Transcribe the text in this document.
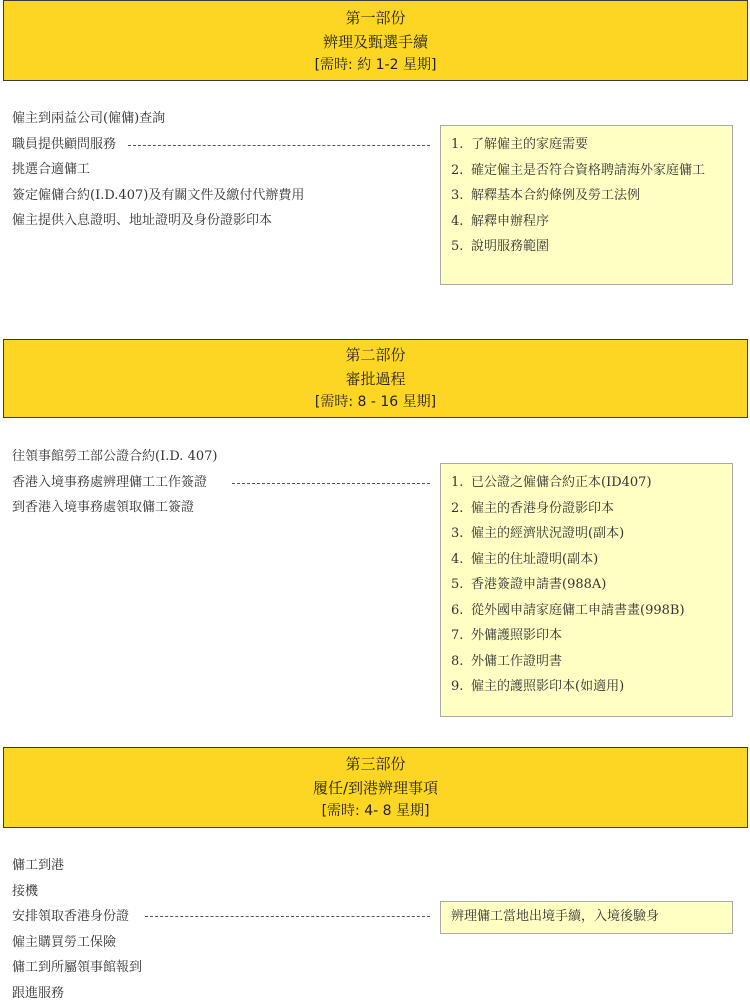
第一部份
辨理及甄選手續
[需時: 約 1-2 星期]
僱主到兩益公司(僱傭)查詢
職員提供顧問服務
挑選合適傭工
簽定僱傭合約(I.D.407)及有關文件及繳付代辦費用
僱主提供入息證明、地址證明及身份證影印本
1. 了解僱主的家庭需要
2. 確定僱主是否符合資格聘請海外家庭傭工
3. 解釋基本合約條例及勞工法例
4. 解釋申辦程序
5. 說明服務範圍
第二部份
審批過程
[需時: 8 - 16 星期]
往領事館勞工部公證合約(I.D. 407)
香港入境事務處辨理傭工工作簽證
到香港入境事務處領取傭工簽證
1. 已公證之僱傭合約正本(ID407)
2. 僱主的香港身份證影印本
3. 僱主的經濟狀況證明(副本)
4. 僱主的住址證明(副本)
5. 香港簽證申請書(988A)
6. 從外國申請家庭傭工申請書畫(998B)
7. 外傭護照影印本
8. 外傭工作證明書
9. 僱主的護照影印本(如適用)
第三部份
履任/到港辨理事項
[需時: 4- 8 星期]
傭工到港
接機
安排領取香港身份證
僱主購買勞工保險
傭工到所屬領事館報到
跟進服務
辨理傭工當地出境手續，入境後驗身
